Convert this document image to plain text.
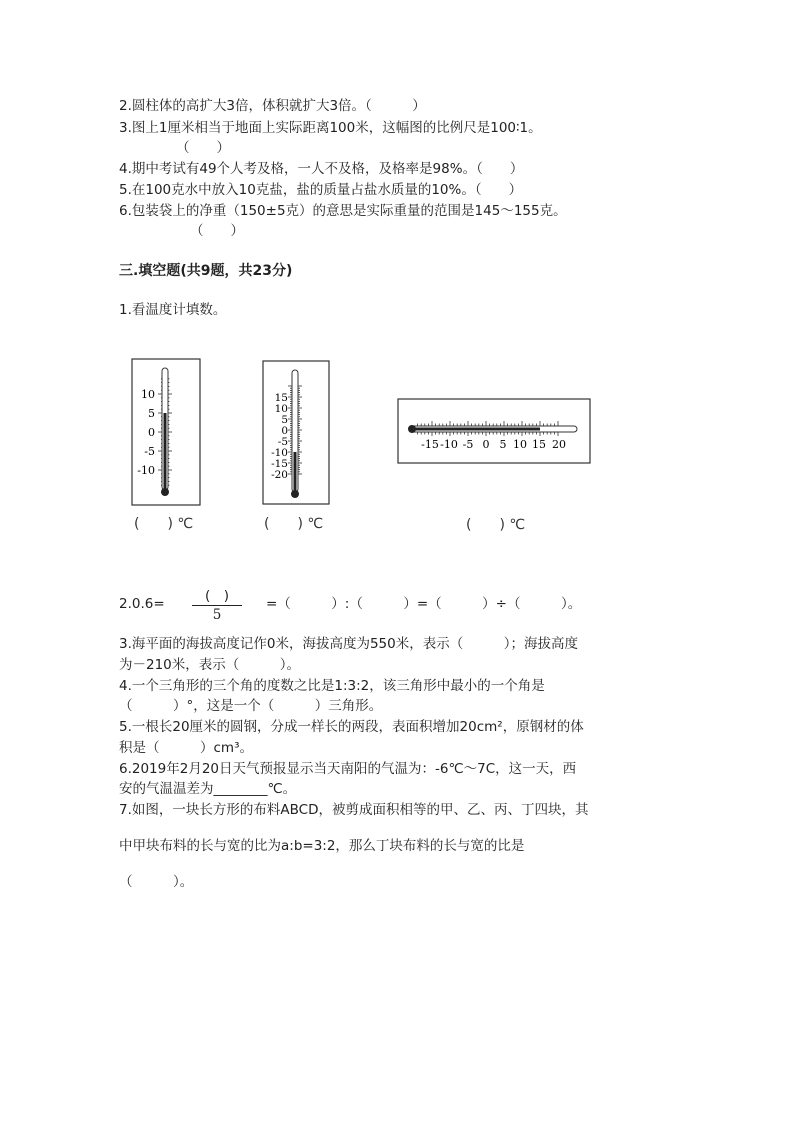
2.圆柱体的高扩大3倍，体积就扩大3倍。（　　　）
3.图上1厘米相当于地面上实际距离100米，这幅图的比例尺是100∶1。
（　　）
4.期中考试有49个人考及格，一人不及格，及格率是98%。（　　）
5.在100克水中放入10克盐，盐的质量占盐水质量的10%。（　　）
6.包装袋上的净重（150±5克）的意思是实际重量的范围是145～155克。
（　　）
三.填空题(共9题，共23分)
1.看温度计填数。
10
5
0
-5
-10
(　　) ℃
15
10
5
0
-5
-10
-15
-20
(　　) ℃
-15 -10 -5 0 5 10 15 20
(　　) ℃
2.0.6=	(　)
5
=（　　　）:（　　　）=（　　　）÷（　　　）。
3.海平面的海拔高度记作0米，海拔高度为550米，表示（　　　）；海拔高度
为－210米，表示（　　　）。
4.一个三角形的三个角的度数之比是1:3:2，该三角形中最小的一个角是
（　　　）°，这是一个（　　　）三角形。
5.一根长20厘米的圆钢，分成一样长的两段，表面积增加20cm²，原钢材的体
积是（　　　）cm³。
6.2019年2月20日天气预报显示当天南阳的气温为：-6℃～7C，这一天，西
安的气温温差为________℃。
7.如图，一块长方形的布料ABCD，被剪成面积相等的甲、乙、丙、丁四块，其
中甲块布料的长与宽的比为a:b=3:2，那么丁块布料的长与宽的比是
（　　　）。
